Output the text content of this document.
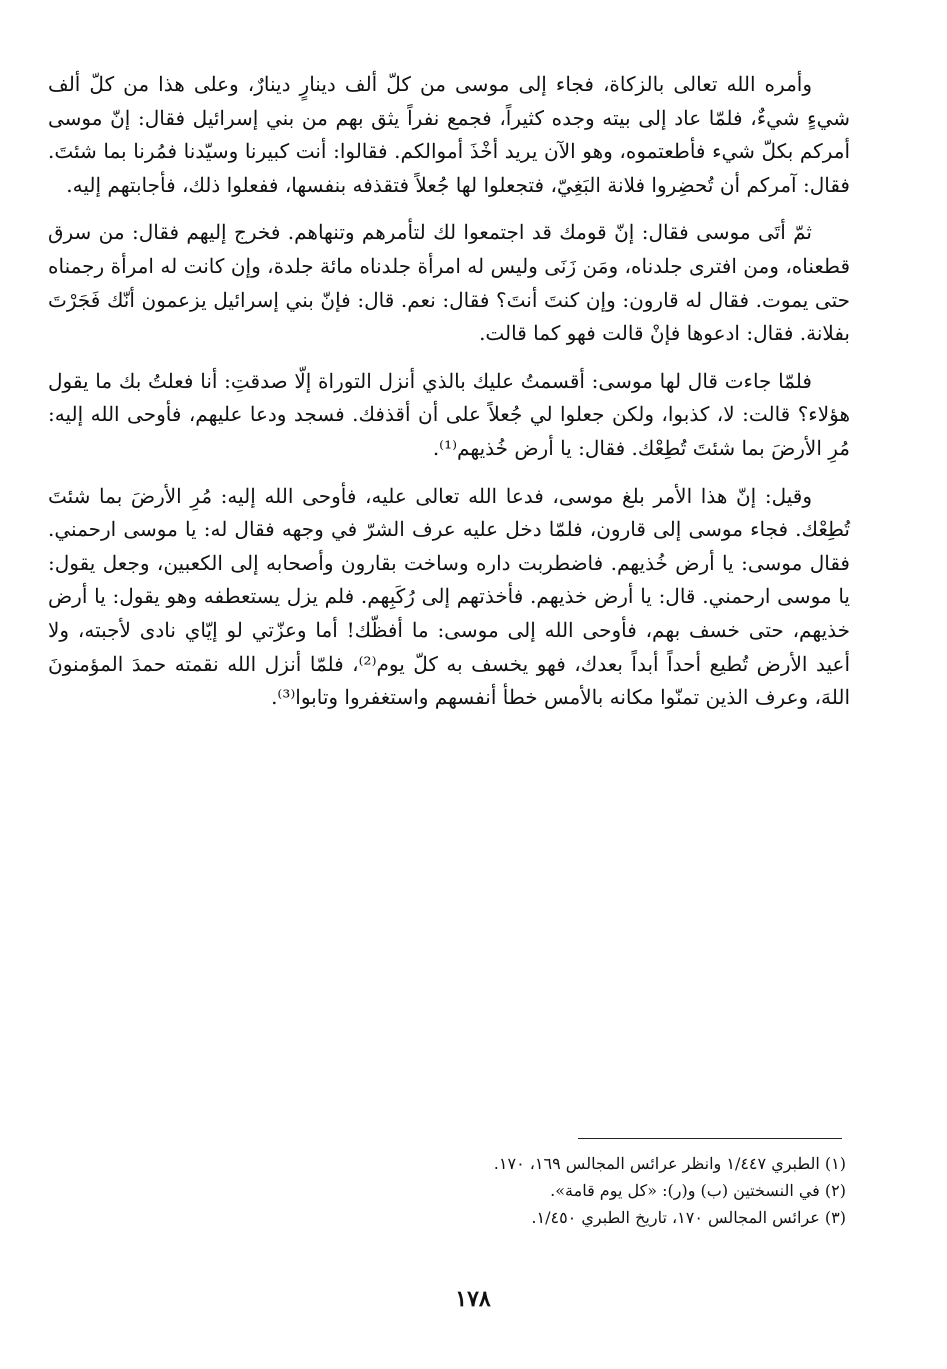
وأمره الله تعالى بالزكاة، فجاء إلى موسى من كلّ ألف دينارٍ دينارٌ، وعلى هذا من كلّ ألف شيءٍ شيءٌ، فلمّا عاد إلى بيته وجده كثيراً، فجمع نفراً يثق بهم من بني إسرائيل فقال: إنّ موسى أمركم بكلّ شيء فأطعتموه، وهو الآن يريد أخْذَ أموالكم. فقالوا: أنت كبيرنا وسيّدنا فمُرنا بما شئتَ. فقال: آمركم أن تُحضِروا فلانة البَغِيّ، فتجعلوا لها جُعلاً فتقذفه بنفسها، ففعلوا ذلك، فأجابتهم إليه.

ثمّ أتَى موسى فقال: إنّ قومك قد اجتمعوا لك لتأمرهم وتنهاهم. فخرج إليهم فقال: من سرق قطعناه، ومن افترى جلدناه، ومَن زَنَى وليس له امرأة جلدناه مائة جلدة، وإن كانت له امرأة رجمناه حتى يموت. فقال له قارون: وإن كنتَ أنتَ؟ فقال: نعم. قال: فإنّ بني إسرائيل يزعمون أنّك فَجَرْتَ بفلانة. فقال: ادعوها فإنْ قالت فهو كما قالت.

فلمّا جاءت قال لها موسى: أقسمتُ عليك بالذي أنزل التوراة إلّا صدقتِ: أنا فعلتُ بك ما يقول هؤلاء؟ قالت: لا، كذبوا، ولكن جعلوا لي جُعلاً على أن أقذفك. فسجد ودعا عليهم، فأوحى الله إليه: مُرِ الأرضَ بما شئتَ تُطِعْك. فقال: يا أرض خُذيهم⁽¹⁾.

وقيل: إنّ هذا الأمر بلغ موسى، فدعا الله تعالى عليه، فأوحى الله إليه: مُرِ الأرضَ بما شئتَ تُطِعْك. فجاء موسى إلى قارون، فلمّا دخل عليه عرف الشرّ في وجهه فقال له: يا موسى ارحمني. فقال موسى: يا أرض خُذيهم. فاضطربت داره وساخت بقارون وأصحابه إلى الكعبين، وجعل يقول: يا موسى ارحمني. قال: يا أرض خذيهم. فأخذتهم إلى رُكَبِهم. فلم يزل يستعطفه وهو يقول: يا أرض خذيهم، حتى خسف بهم، فأوحى الله إلى موسى: ما أفظّك! أما وعزّتي لو إيّاي نادى لأجبته، ولا أعيد الأرض تُطيع أحداً أبداً بعدك، فهو يخسف به كلّ يوم⁽²⁾، فلمّا أنزل الله نقمته حمدَ المؤمنونَ اللهَ، وعرف الذين تمنّوا مكانه بالأمس خطأ أنفسهم واستغفروا وتابوا⁽³⁾.

(١) الطبري ١/٤٤٧ وانظر عرائس المجالس ١٦٩، ١٧٠.

(٢) في النسختين (ب) و(ر): «كل يوم قامة».

(٣) عرائس المجالس ١٧٠، تاريخ الطبري ١/٤٥٠.

١٧٨
